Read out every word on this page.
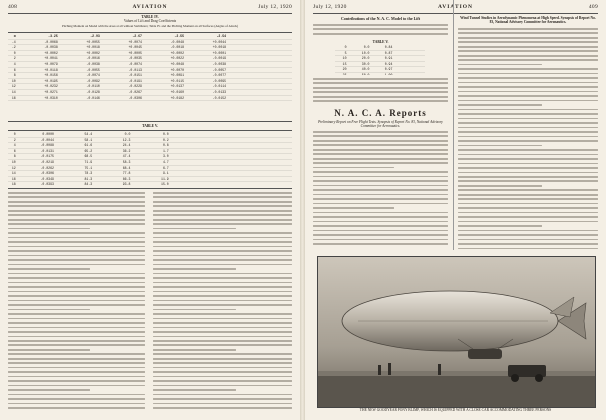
408	AVIATION	July 12, 1920
TABLE IV.
Values of Lift and Drag Coefficients
Pitching Moment on Model with the Axes at all without Stabilizers; Table IV. and the Pitching Moment on all Surfaces (Angles of Attack)
α                 -3.25                 -2.93                 -2.67                 -2.55                 -2.54
-4               -0.0068               +0.0055               +0.0074               -0.0048               +0.0044
-2               -0.0038               +0.0018               +0.0045               -0.0018               +0.0018
0               +0.0002               +0.0002               +0.0005               +0.0002               +0.0001
2               +0.0041               -0.0016               -0.0035               +0.0022               -0.0019
4               +0.0079               -0.0038               -0.0074               +0.0048               -0.0038
6               +0.0118               -0.0055               -0.0113               +0.0070               -0.0057
8               +0.0156               -0.0074               -0.0151               +0.0091               -0.0077
10               +0.0195               -0.0092               -0.0191               +0.0115               -0.0095
12               +0.0232               -0.0110               -0.0229               +0.0137               -0.0114
14               +0.0271               -0.0128               -0.0267               +0.0160               -0.0133
16               +0.0310               -0.0146               -0.0306               +0.0182               -0.0152
TABLE V.
0              0.0000                54.4                 0.0                 0.0
2             -0.0044                58.1                12.3                 0.2
4             -0.0088                61.6                24.4                 0.8
6             -0.0131                65.2                36.2                 1.7
8             -0.0175                68.5                47.4                 3.0
10             -0.0219                71.9                58.3                 4.7
12             -0.0262                75.1                68.4                 6.7
14             -0.0306                78.3                77.8                 9.1
16             -0.0349                81.3                86.3                11.9
18             -0.0393                84.3                93.8                15.0
July 12, 1920	AVIATION	409
Contributions of the N. A. C. Model to the Lift
TABLE V.
0         0.0        0.84
5        10.0        0.87
10        20.0        0.91
15        30.0        0.94
20        40.0        0.97
25        50.0        1.00
N. A. C. A. Reports
Preliminary Report on Free Flight Tests. Synopsis of Report No. 83, National Advisory Committee for Aeronautics.
Wind Tunnel Studies in Aerodynamic Phenomena at High Speed. Synopsis of Report No. 83, National Advisory Committee for Aeronautics.
THE NEW GOODYEAR PONY BLIMP, WHICH IS EQUIPPED WITH A CLOSE CAR ACCOMMODATING THREE PERSONS
